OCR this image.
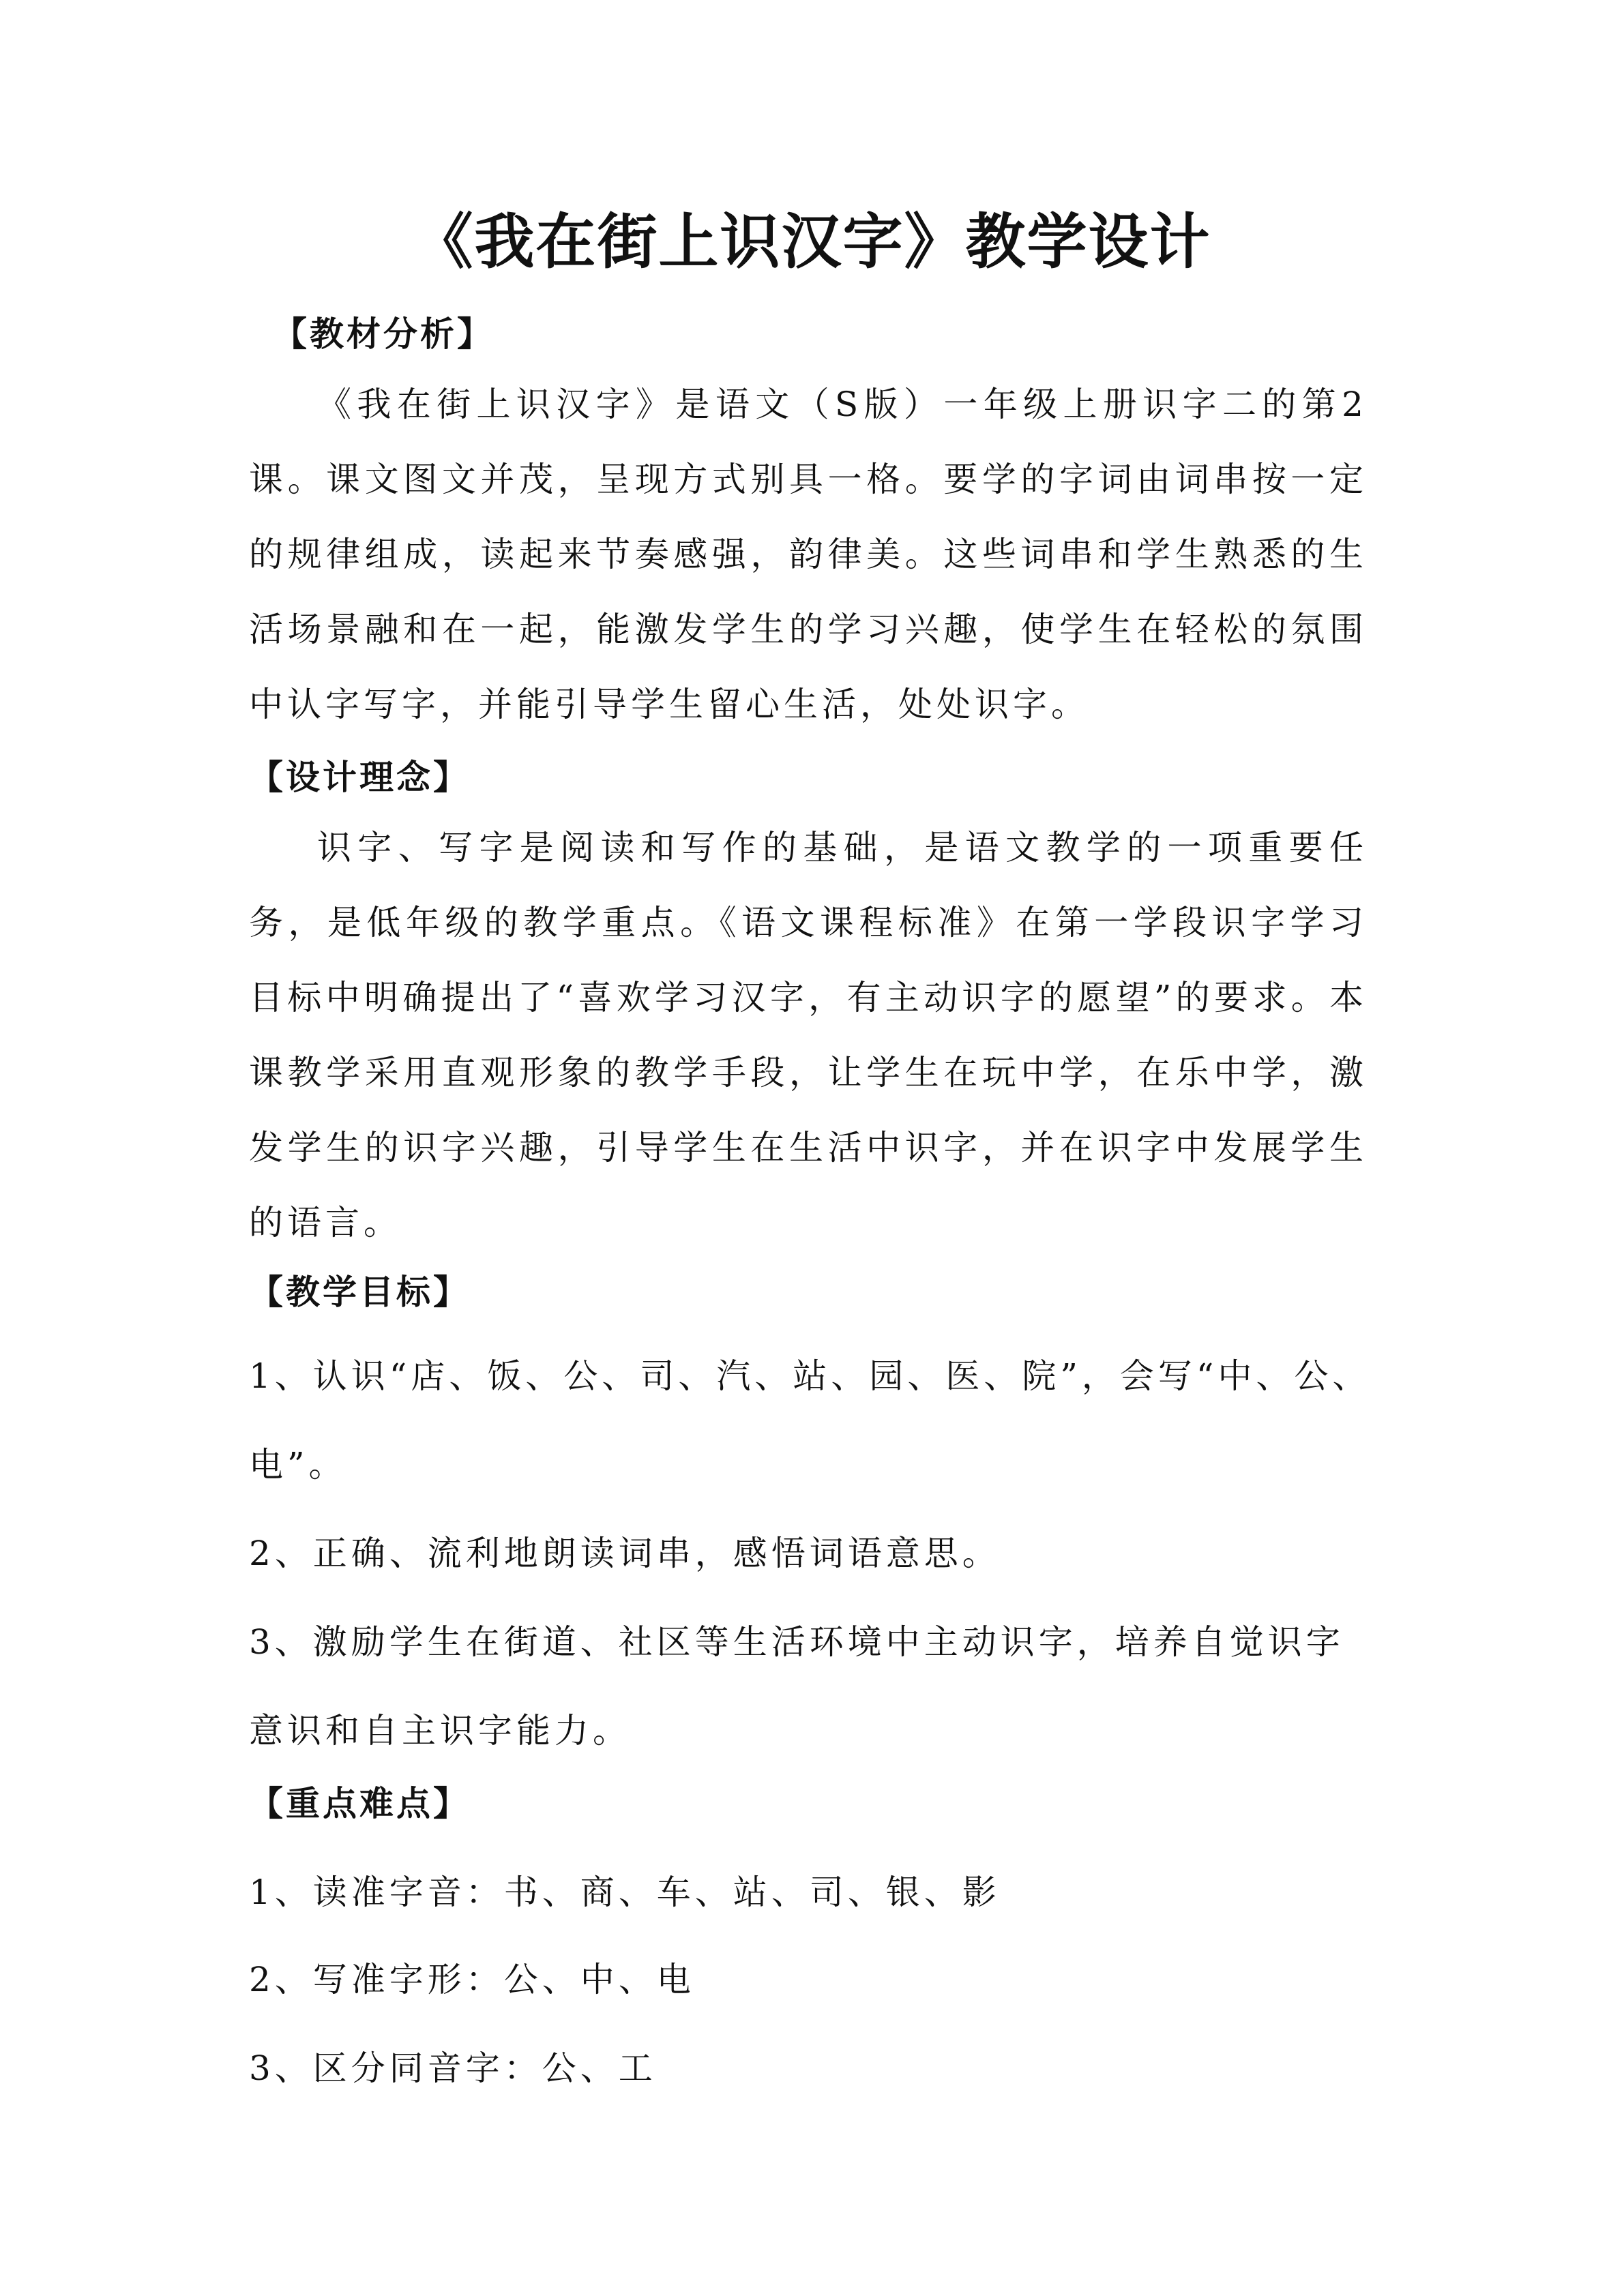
《我在街上识汉字》教学设计
【教材分析】
《我在街上识汉字》是语文（S版）一年级上册识字二的第2课。课文图文并茂，呈现方式别具一格。要学的字词由词串按一定的规律组成，读起来节奏感强，韵律美。这些词串和学生熟悉的生活场景融和在一起，能激发学生的学习兴趣，使学生在轻松的氛围中认字写字，并能引导学生留心生活，处处识字。
【设计理念】
识字、写字是阅读和写作的基础，是语文教学的一项重要任务，是低年级的教学重点。《语文课程标准》在第一学段识字学习目标中明确提出了“喜欢学习汉字，有主动识字的愿望”的要求。本课教学采用直观形象的教学手段，让学生在玩中学，在乐中学，激发学生的识字兴趣，引导学生在生活中识字，并在识字中发展学生的语言。
【教学目标】
1、认识“店、饭、公、司、汽、站、园、医、院”，会写“中、公、电”。
2、正确、流利地朗读词串，感悟词语意思。
3、激励学生在街道、社区等生活环境中主动识字，培养自觉识字意识和自主识字能力。
【重点难点】
1、读准字音：书、商、车、站、司、银、影
2、写准字形：公、中、电
3、区分同音字：公、工
